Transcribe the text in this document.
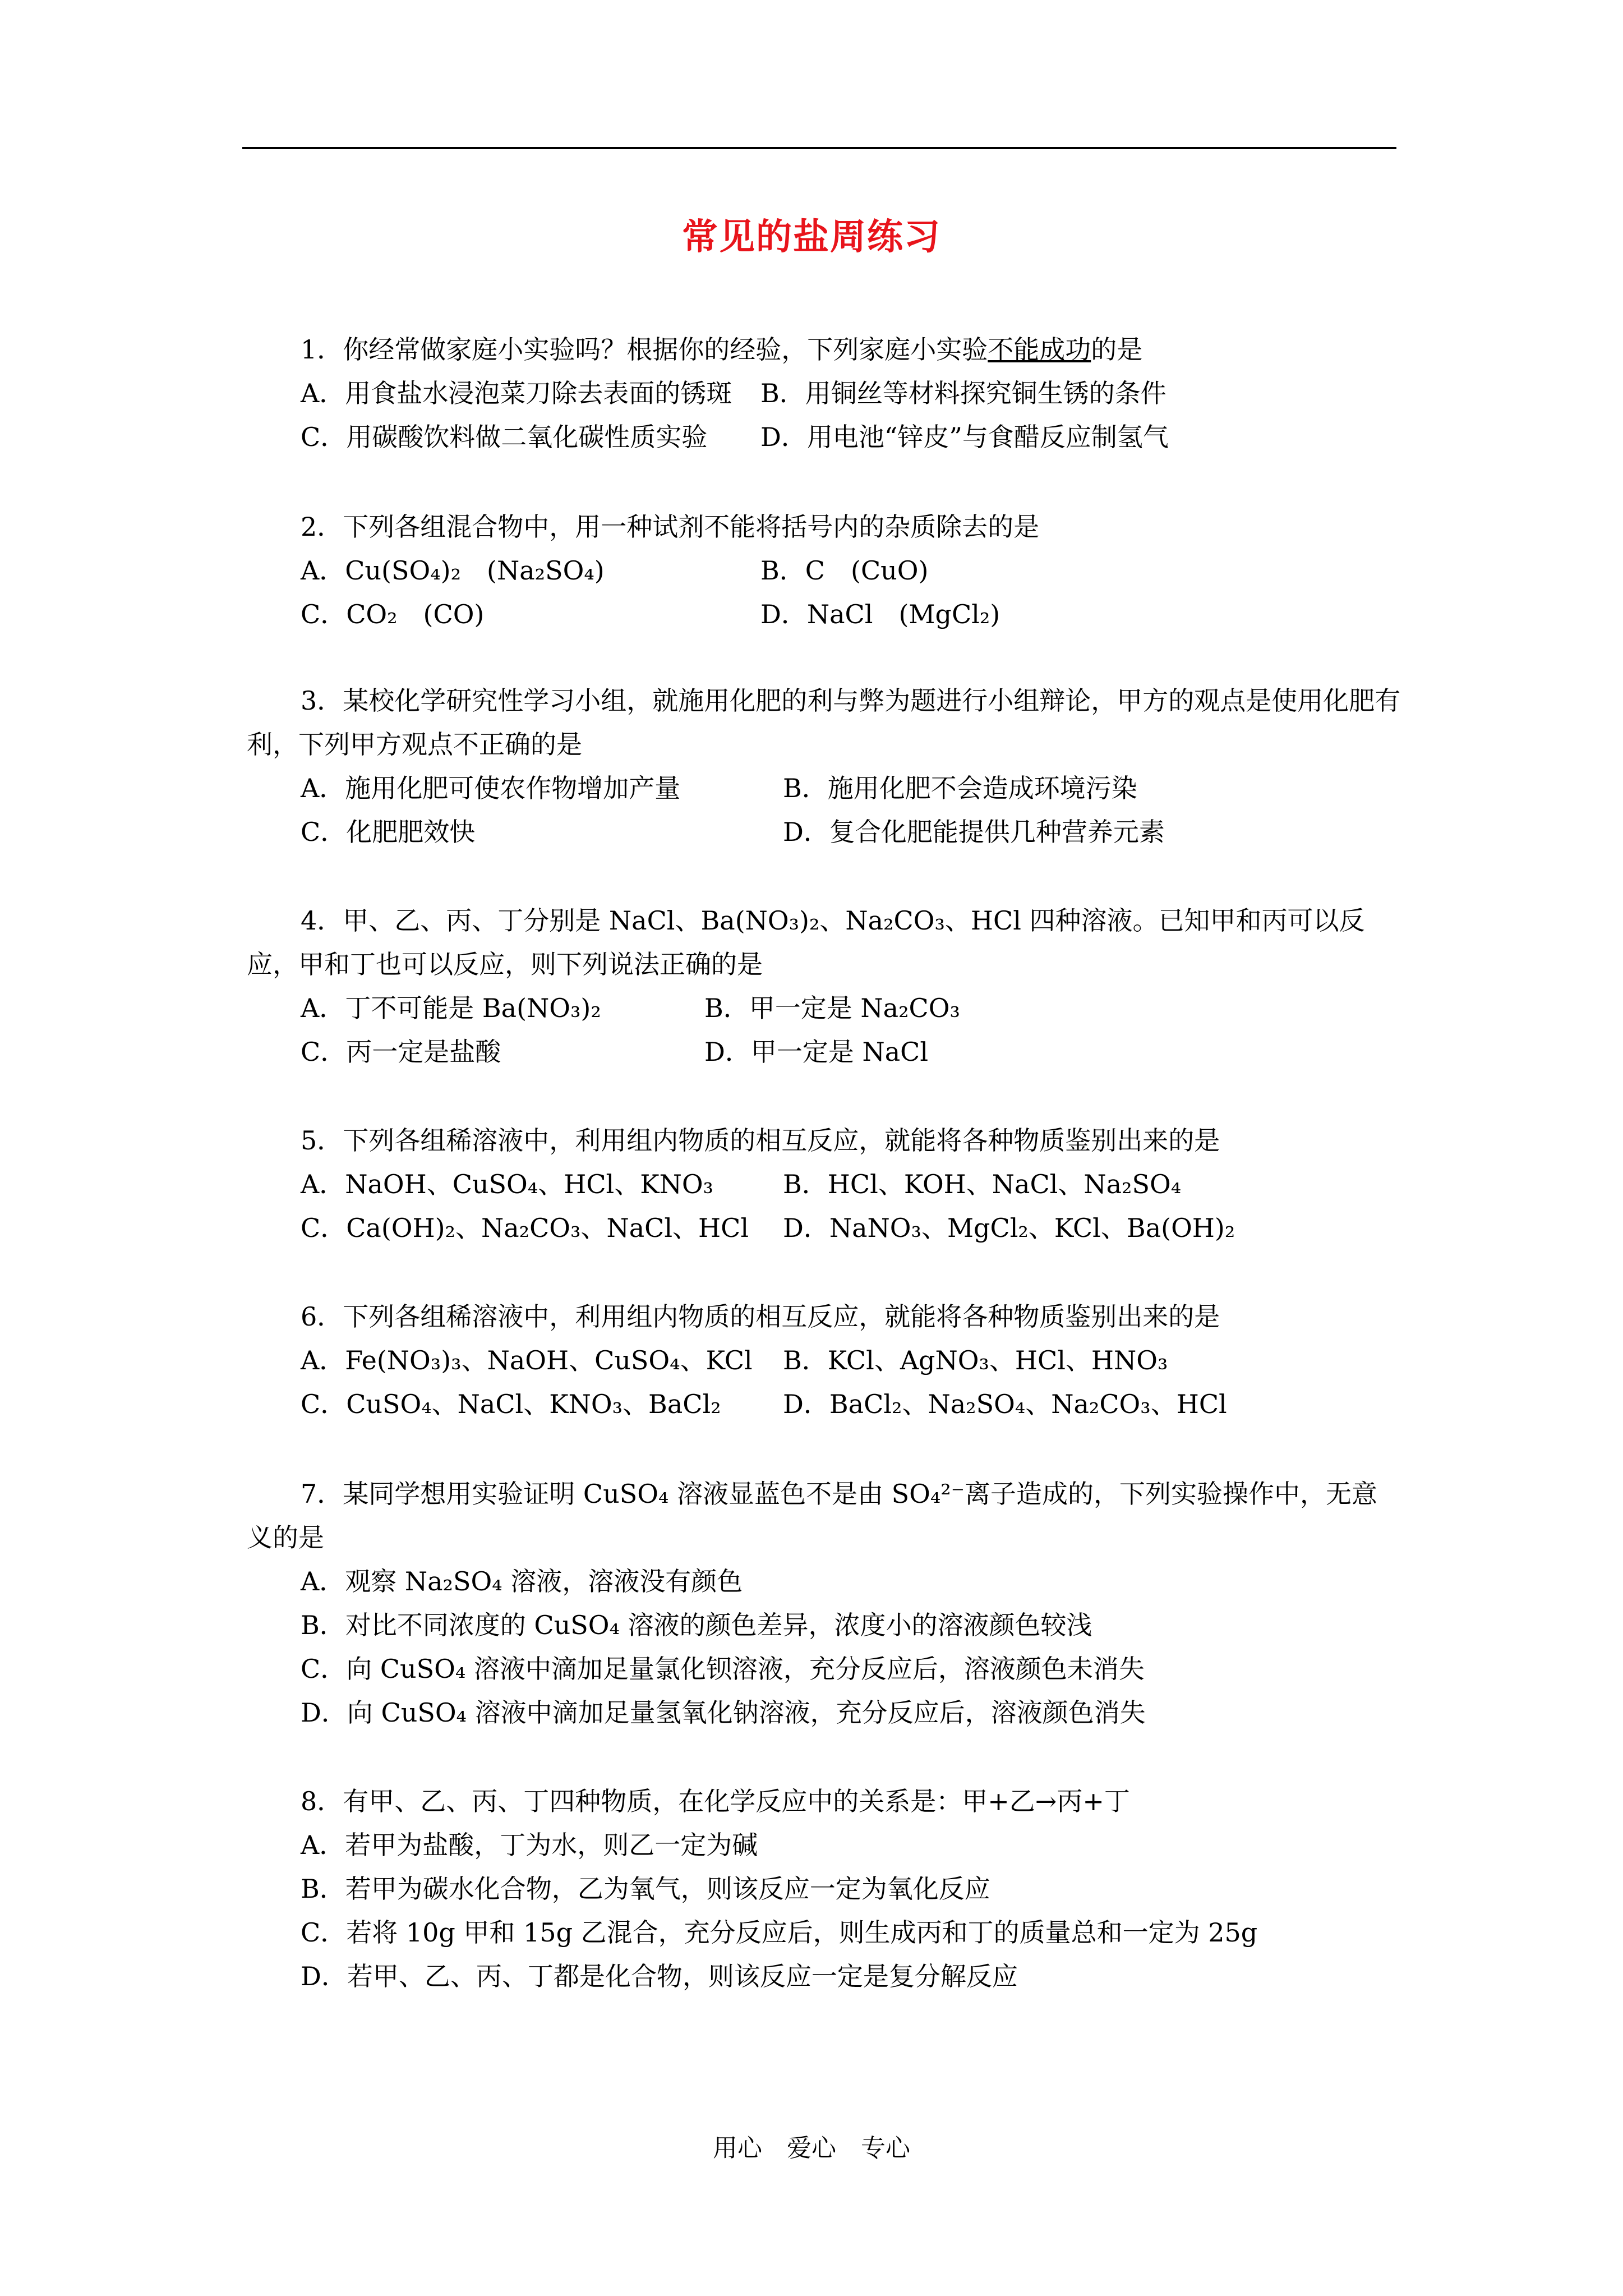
常见的盐周练习

1．你经常做家庭小实验吗？根据你的经验，下列家庭小实验不能成功的是

A．用食盐水浸泡菜刀除去表面的锈斑	B．用铜丝等材料探究铜生锈的条件
C．用碳酸饮料做二氧化碳性质实验	D．用电池“锌皮”与食醋反应制氢气

2．下列各组混合物中，用一种试剂不能将括号内的杂质除去的是

A．Cu(SO₄)₂　(Na₂SO₄)	B．C　(CuO)
C．CO₂　(CO)	D．NaCl　(MgCl₂)

3．某校化学研究性学习小组，就施用化肥的利与弊为题进行小组辩论，甲方的观点是使用化肥有利，下列甲方观点不正确的是

A．施用化肥可使农作物增加产量	B．施用化肥不会造成环境污染
C．化肥肥效快	D．复合化肥能提供几种营养元素

4．甲、乙、丙、丁分别是 NaCl、Ba(NO₃)₂、Na₂CO₃、HCl 四种溶液。已知甲和丙可以反应，甲和丁也可以反应，则下列说法正确的是

A．丁不可能是 Ba(NO₃)₂	B．甲一定是 Na₂CO₃
C．丙一定是盐酸	D．甲一定是 NaCl

5．下列各组稀溶液中，利用组内物质的相互反应，就能将各种物质鉴别出来的是

A．NaOH、CuSO₄、HCl、KNO₃	B．HCl、KOH、NaCl、Na₂SO₄
C．Ca(OH)₂、Na₂CO₃、NaCl、HCl	D．NaNO₃、MgCl₂、KCl、Ba(OH)₂

6．下列各组稀溶液中，利用组内物质的相互反应，就能将各种物质鉴别出来的是

A．Fe(NO₃)₃、NaOH、CuSO₄、KCl	B．KCl、AgNO₃、HCl、HNO₃
C．CuSO₄、NaCl、KNO₃、BaCl₂	D．BaCl₂、Na₂SO₄、Na₂CO₃、HCl

7．某同学想用实验证明 CuSO₄ 溶液显蓝色不是由 SO₄²⁻离子造成的，下列实验操作中，无意义的是

A．观察 Na₂SO₄ 溶液，溶液没有颜色
B．对比不同浓度的 CuSO₄ 溶液的颜色差异，浓度小的溶液颜色较浅
C．向 CuSO₄ 溶液中滴加足量氯化钡溶液，充分反应后，溶液颜色未消失
D．向 CuSO₄ 溶液中滴加足量氢氧化钠溶液，充分反应后，溶液颜色消失

8．有甲、乙、丙、丁四种物质，在化学反应中的关系是：甲+乙→丙+丁

A．若甲为盐酸，丁为水，则乙一定为碱
B．若甲为碳水化合物，乙为氧气，则该反应一定为氧化反应
C．若将 10g 甲和 15g 乙混合，充分反应后，则生成丙和丁的质量总和一定为 25g
D．若甲、乙、丙、丁都是化合物，则该反应一定是复分解反应
用心　爱心　专心
